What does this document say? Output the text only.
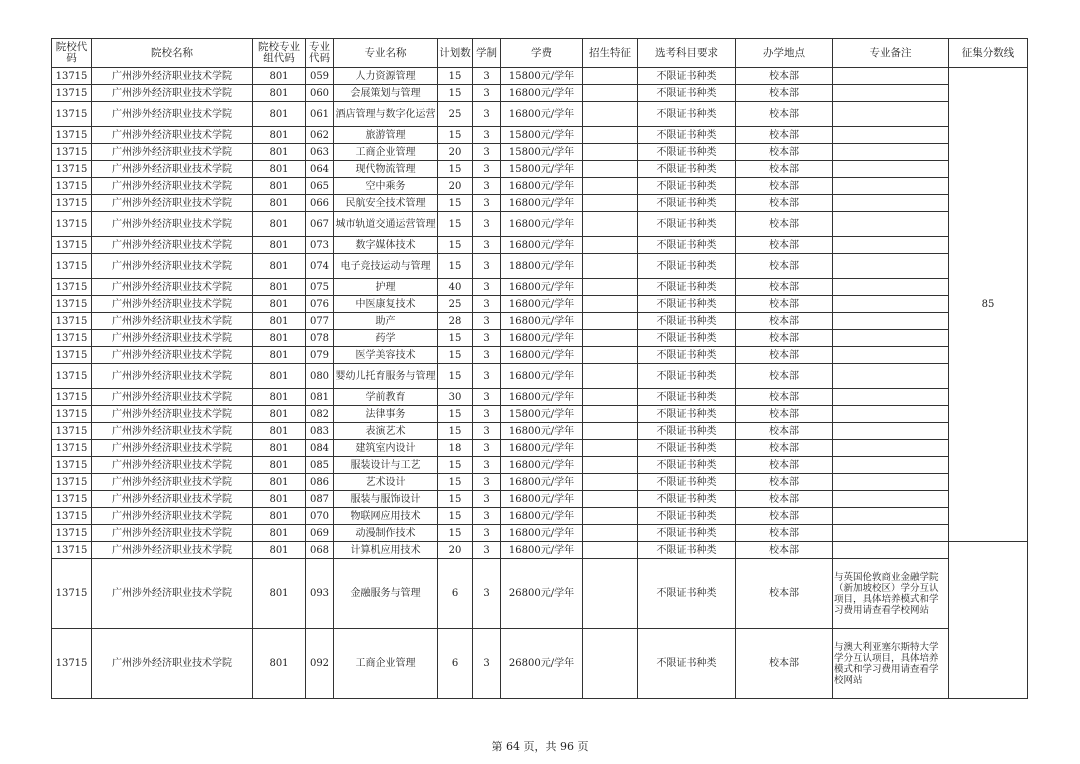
院校代码	院校名称	院校专业组代码	专业代码	专业名称	计划数	学制	学费	招生特征	选考科目要求	办学地点	专业备注	征集分数线
13715	广州涉外经济职业技术学院	801	059	人力资源管理	15	3	15800元/学年		不限证书种类	校本部		85
13715	广州涉外经济职业技术学院	801	060	会展策划与管理	15	3	16800元/学年		不限证书种类	校本部		
13715	广州涉外经济职业技术学院	801	061	酒店管理与数字化运营	25	3	16800元/学年		不限证书种类	校本部		
13715	广州涉外经济职业技术学院	801	062	旅游管理	15	3	15800元/学年		不限证书种类	校本部		
13715	广州涉外经济职业技术学院	801	063	工商企业管理	20	3	15800元/学年		不限证书种类	校本部		
13715	广州涉外经济职业技术学院	801	064	现代物流管理	15	3	15800元/学年		不限证书种类	校本部		
13715	广州涉外经济职业技术学院	801	065	空中乘务	20	3	16800元/学年		不限证书种类	校本部		
13715	广州涉外经济职业技术学院	801	066	民航安全技术管理	15	3	16800元/学年		不限证书种类	校本部		
13715	广州涉外经济职业技术学院	801	067	城市轨道交通运营管理	15	3	16800元/学年		不限证书种类	校本部		
13715	广州涉外经济职业技术学院	801	073	数字媒体技术	15	3	16800元/学年		不限证书种类	校本部		
13715	广州涉外经济职业技术学院	801	074	电子竞技运动与管理	15	3	18800元/学年		不限证书种类	校本部		
13715	广州涉外经济职业技术学院	801	075	护理	40	3	16800元/学年		不限证书种类	校本部		
13715	广州涉外经济职业技术学院	801	076	中医康复技术	25	3	16800元/学年		不限证书种类	校本部		
13715	广州涉外经济职业技术学院	801	077	助产	28	3	16800元/学年		不限证书种类	校本部		
13715	广州涉外经济职业技术学院	801	078	药学	15	3	16800元/学年		不限证书种类	校本部		
13715	广州涉外经济职业技术学院	801	079	医学美容技术	15	3	16800元/学年		不限证书种类	校本部		
13715	广州涉外经济职业技术学院	801	080	婴幼儿托育服务与管理	15	3	16800元/学年		不限证书种类	校本部		
13715	广州涉外经济职业技术学院	801	081	学前教育	30	3	16800元/学年		不限证书种类	校本部		
13715	广州涉外经济职业技术学院	801	082	法律事务	15	3	15800元/学年		不限证书种类	校本部		
13715	广州涉外经济职业技术学院	801	083	表演艺术	15	3	16800元/学年		不限证书种类	校本部		
13715	广州涉外经济职业技术学院	801	084	建筑室内设计	18	3	16800元/学年		不限证书种类	校本部		
13715	广州涉外经济职业技术学院	801	085	服装设计与工艺	15	3	16800元/学年		不限证书种类	校本部		
13715	广州涉外经济职业技术学院	801	086	艺术设计	15	3	16800元/学年		不限证书种类	校本部		
13715	广州涉外经济职业技术学院	801	087	服装与服饰设计	15	3	16800元/学年		不限证书种类	校本部		
13715	广州涉外经济职业技术学院	801	070	物联网应用技术	15	3	16800元/学年		不限证书种类	校本部		
13715	广州涉外经济职业技术学院	801	069	动漫制作技术	15	3	16800元/学年		不限证书种类	校本部		
13715	广州涉外经济职业技术学院	801	068	计算机应用技术	20	3	16800元/学年		不限证书种类	校本部		
13715	广州涉外经济职业技术学院	801	093	金融服务与管理	6	3	26800元/学年		不限证书种类	校本部	与英国伦敦商业金融学院（新加坡校区）学分互认项目，具体培养模式和学习费用请查看学校网站	
13715	广州涉外经济职业技术学院	801	092	工商企业管理	6	3	26800元/学年		不限证书种类	校本部	与澳大利亚塞尔斯特大学学分互认项目，具体培养模式和学习费用请查看学校网站	
第 64 页，共 96 页
